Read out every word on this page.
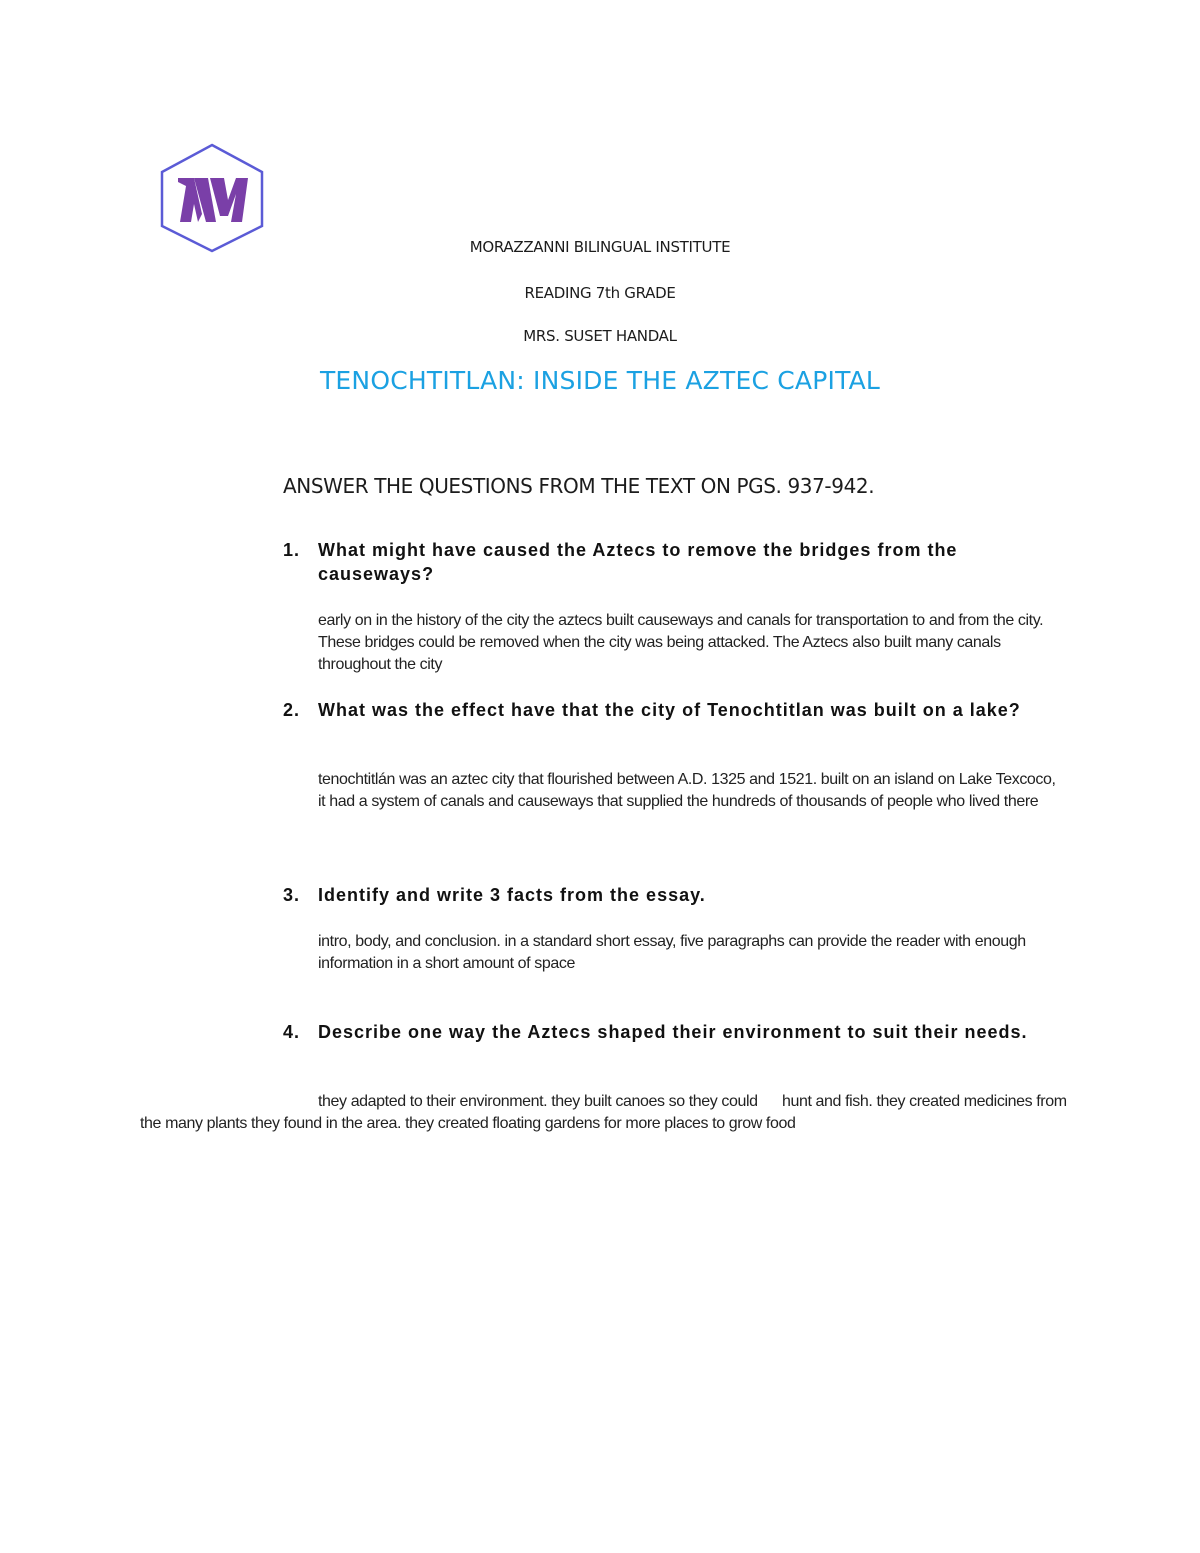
MORAZZANNI BILINGUAL INSTITUTE
READING 7th GRADE
MRS. SUSET HANDAL
TENOCHTITLAN: INSIDE THE AZTEC CAPITAL
ANSWER THE QUESTIONS FROM THE TEXT ON PGS. 937-942.
1. What might have caused the Aztecs to remove the bridges from the causeways?
early on in the history of the city the aztecs built causeways and canals for transportation to and from the city. These bridges could be removed when the city was being attacked. The Aztecs also built many canals throughout the city
2. What was the effect have that the city of Tenochtitlan was built on a lake?
tenochtitlán was an aztec city that flourished between A.D. 1325 and 1521. built on an island on Lake Texcoco, it had a system of canals and causeways that supplied the hundreds of thousands of people who lived there
3. Identify and write 3 facts from the essay.
intro, body, and conclusion. in a standard short essay, five paragraphs can provide the reader with enough information in a short amount of space
4. Describe one way the Aztecs shaped their environment to suit their needs.
they adapted to their environment. they built canoes so they could      hunt and fish. they created medicines from the many plants they found in the area. they created floating gardens for more places to grow food
